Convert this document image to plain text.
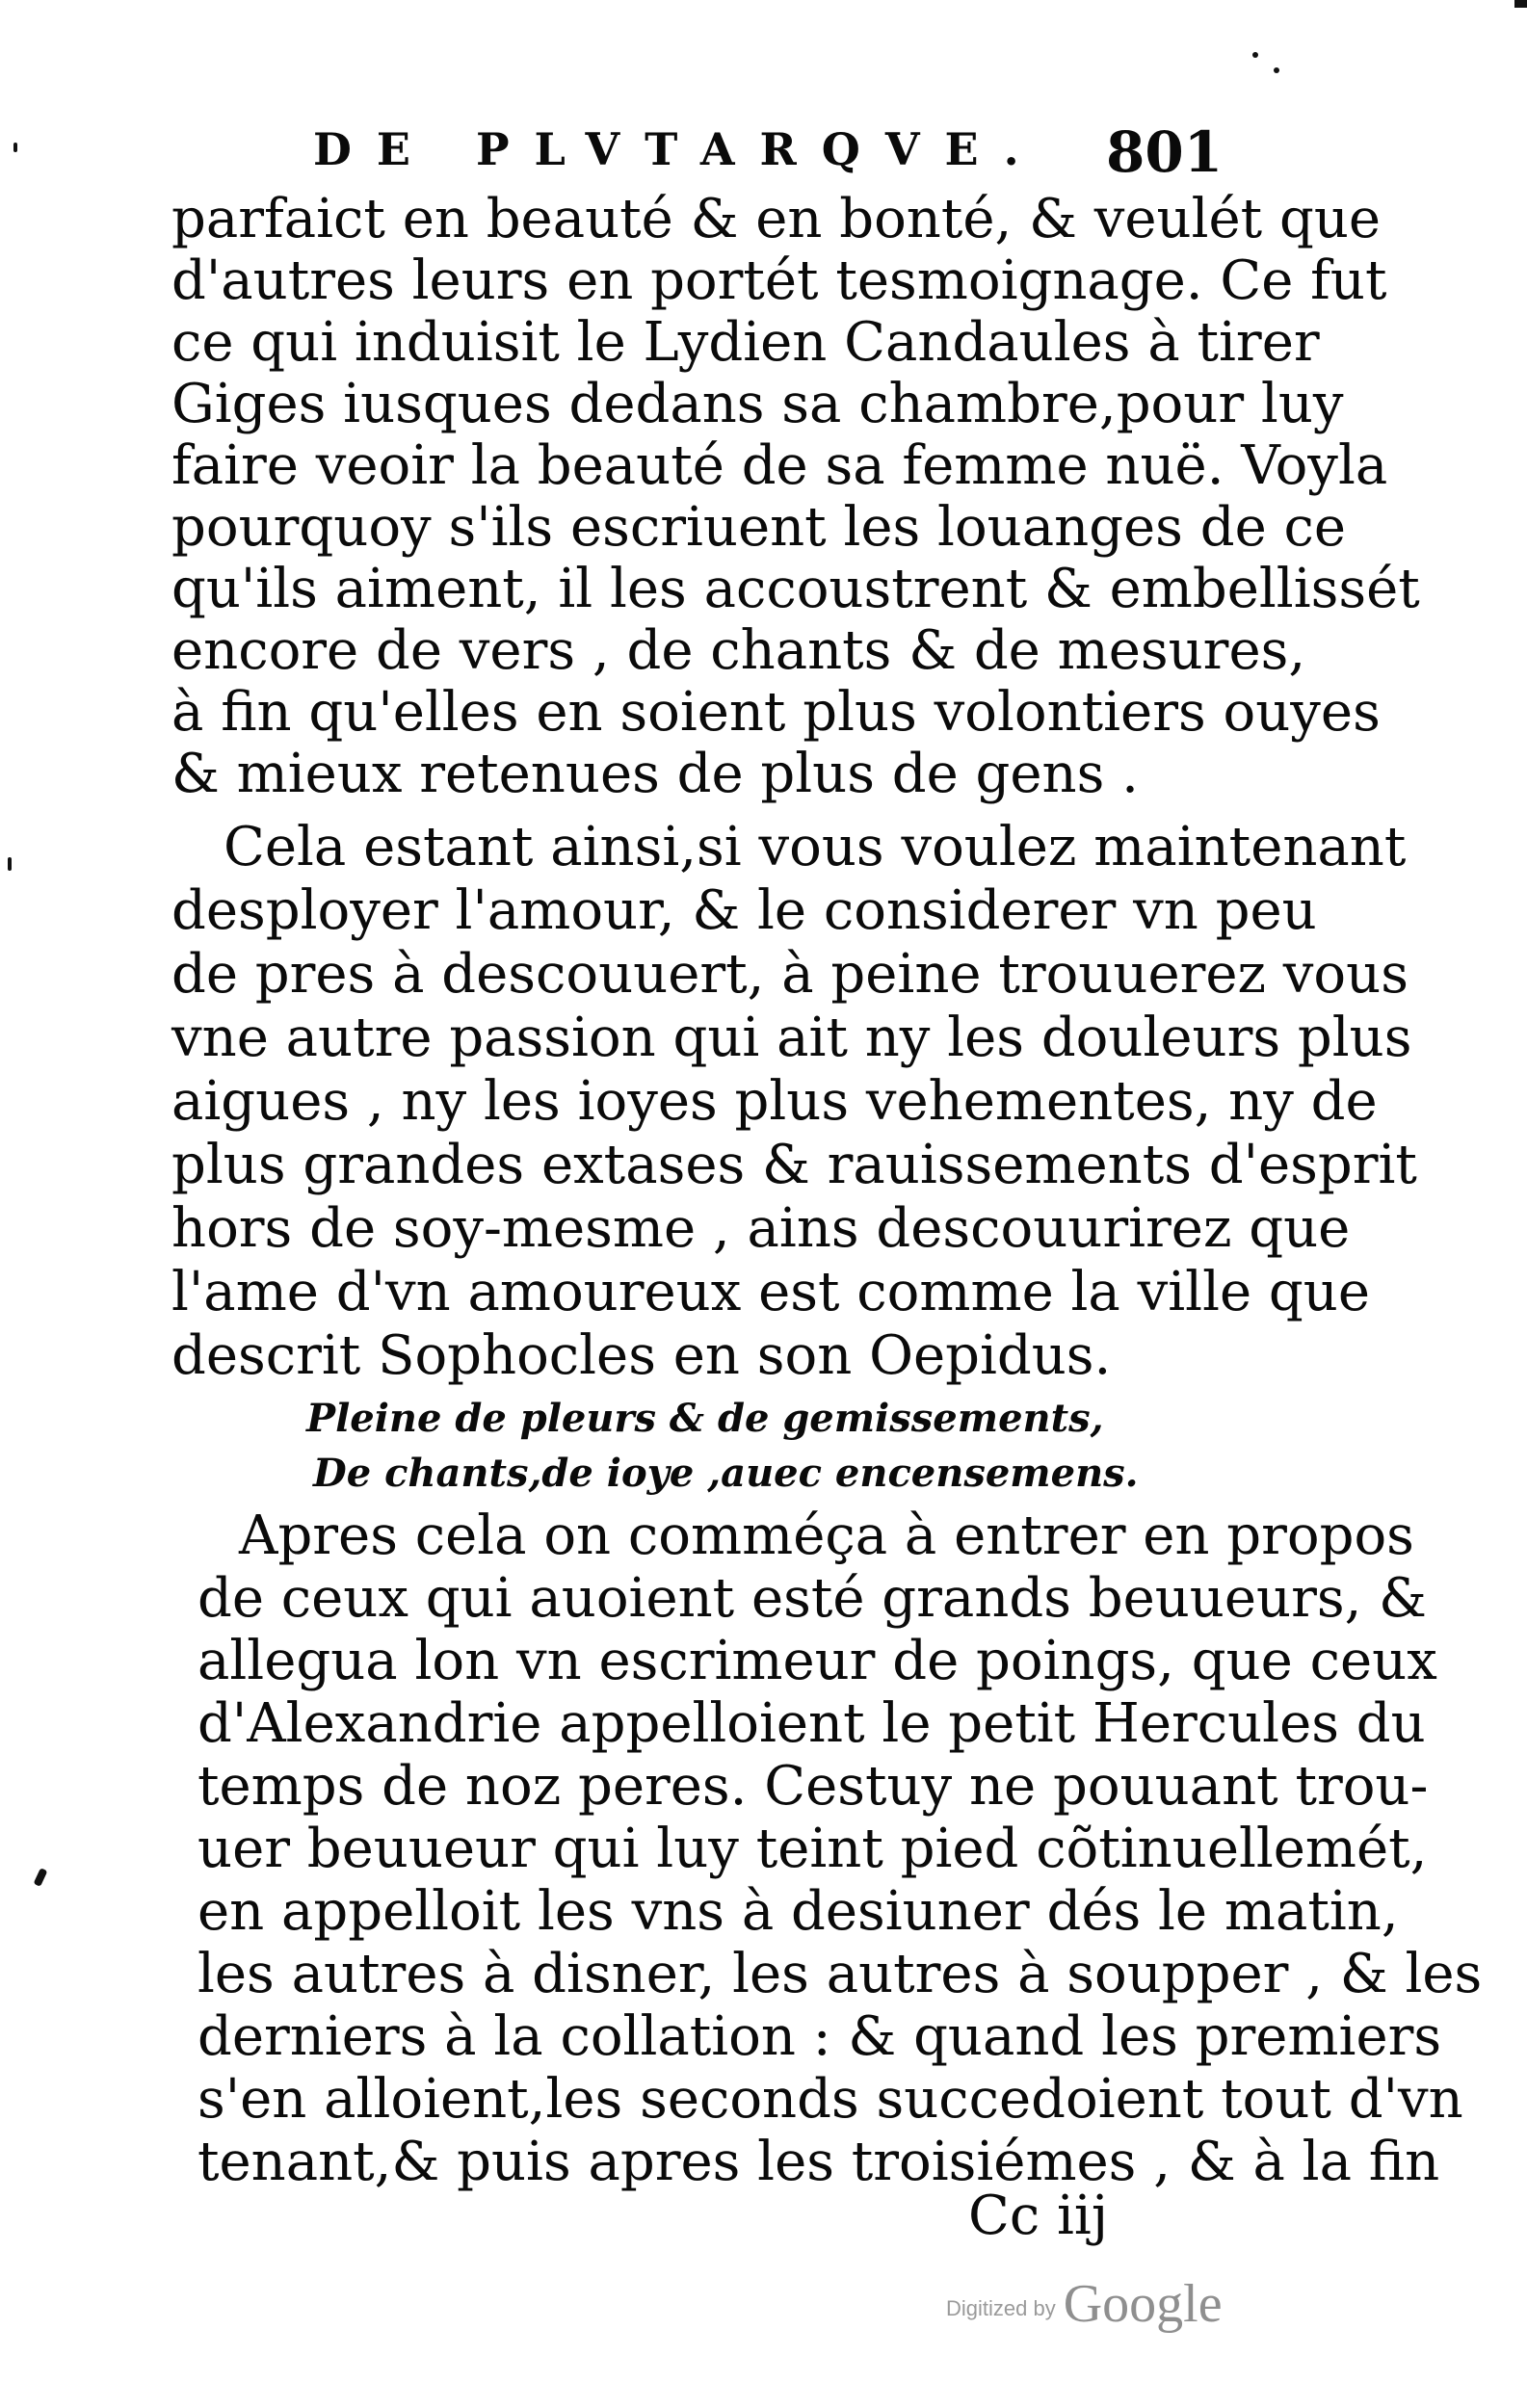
DE PLVTARQVE. 801
parfaict en beauté & en bonté, & veulét que
d'autres leurs en portét tesmoignage. Ce fut
ce qui induisit le Lydien Candaules à tirer
Giges iusques dedans sa chambre,pour luy
faire veoir la beauté de sa femme nuë. Voyla
pourquoy s'ils escriuent les louanges de ce
qu'ils aiment, il les accoustrent & embellissét
encore de vers , de chants & de mesures,
à fin qu'elles en soient plus volontiers ouyes
& mieux retenues de plus de gens .
Cela estant ainsi,si vous voulez maintenant
desployer l'amour, & le considerer vn peu
de pres à descouuert, à peine trouuerez vous
vne autre passion qui ait ny les douleurs plus
aigues , ny les ioyes plus vehementes, ny de
plus grandes extases & rauissements d'esprit
hors de soy-mesme , ains descouurirez que
l'ame d'vn amoureux est comme la ville que
descrit Sophocles en son Oepidus.
Pleine de pleurs & de gemissements,
De chants,de ioye ,auec encensemens.
Apres cela on comméça à entrer en propos
de ceux qui auoient esté grands beuueurs, &
allegua lon vn escrimeur de poings, que ceux
d'Alexandrie appelloient le petit Hercules du
temps de noz peres. Cestuy ne pouuant trou-
uer beuueur qui luy teint pied cõtinuellemét,
en appelloit les vns à desiuner dés le matin,
les autres à disner, les autres à soupper , & les
derniers à la collation : & quand les premiers
s'en alloient,les seconds succedoient tout d'vn
tenant,& puis apres les troisiémes , & à la fin
Cc iij
Digitized by Google
